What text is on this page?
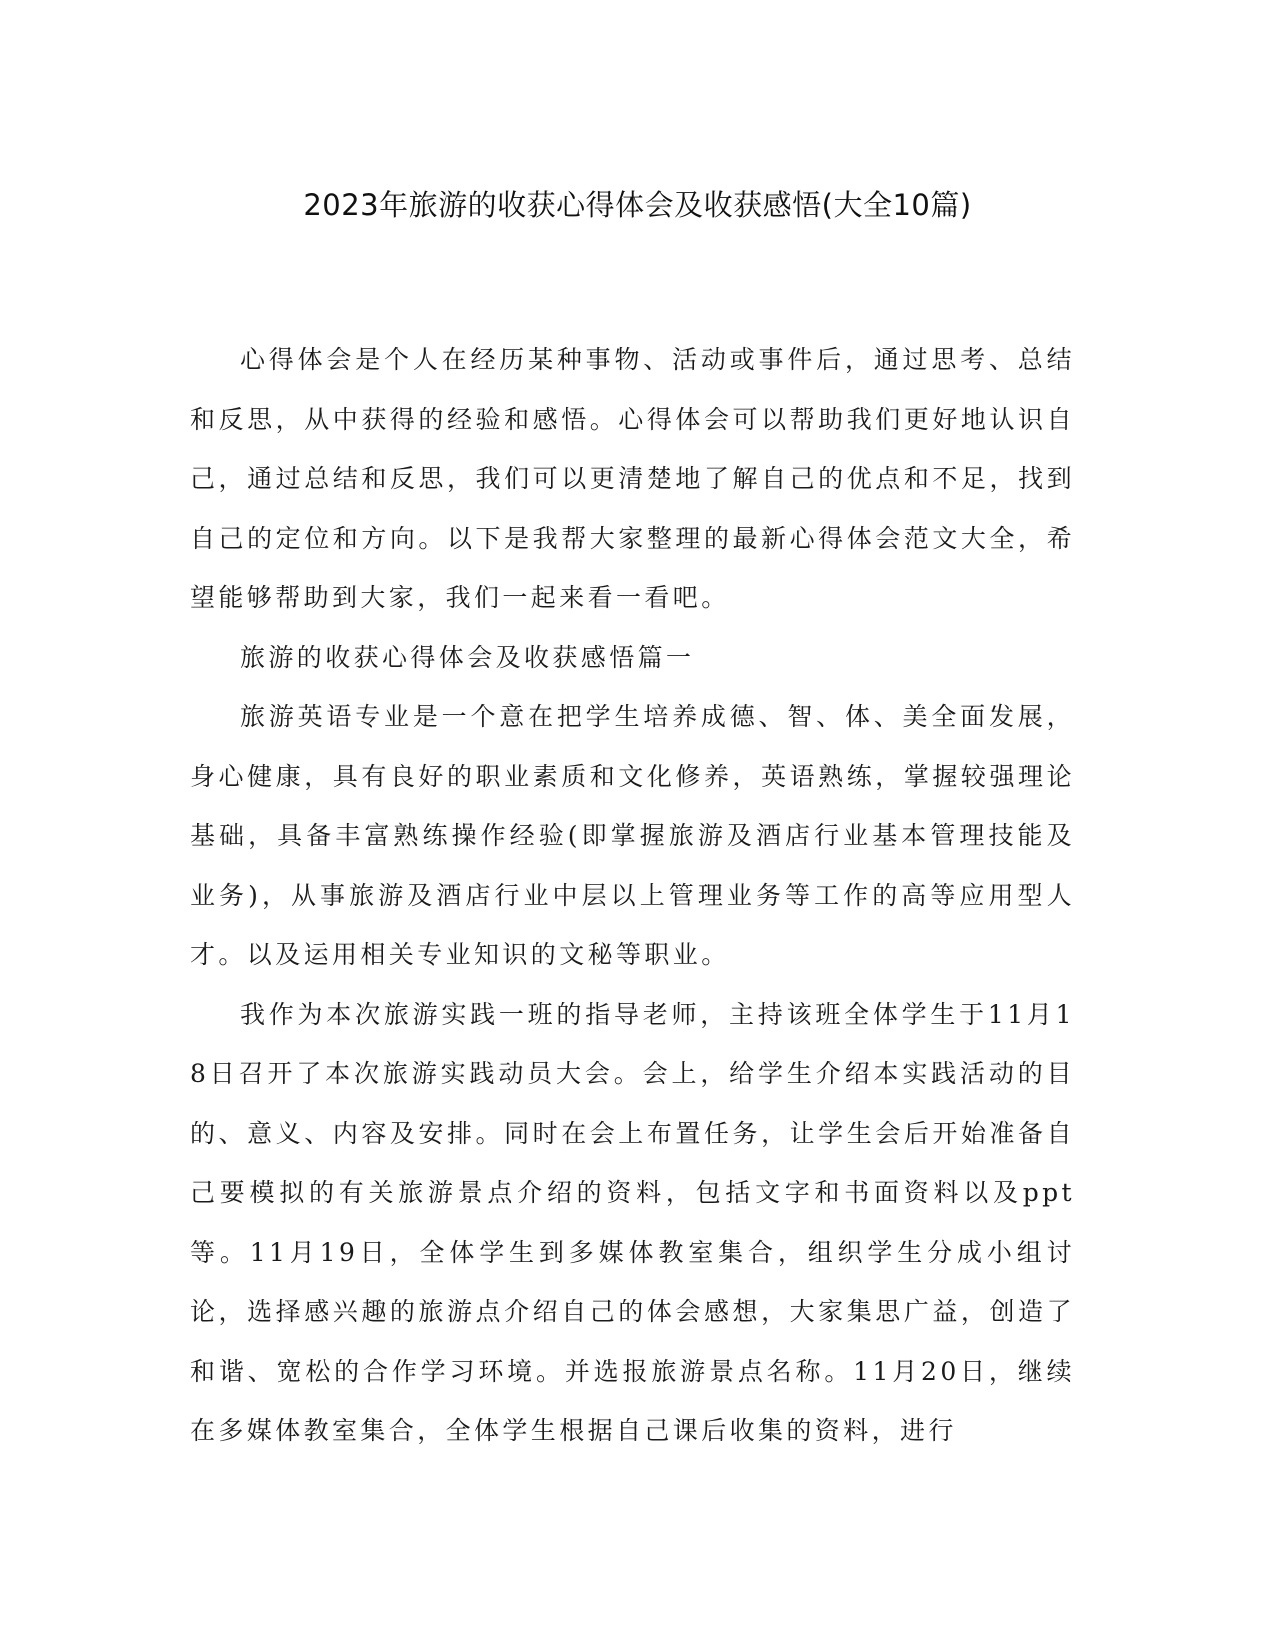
2023年旅游的收获心得体会及收获感悟(大全10篇)

心得体会是个人在经历某种事物、活动或事件后，通过思考、总结和反思，从中获得的经验和感悟。心得体会可以帮助我们更好地认识自己，通过总结和反思，我们可以更清楚地了解自己的优点和不足，找到自己的定位和方向。以下是我帮大家整理的最新心得体会范文大全，希望能够帮助到大家，我们一起来看一看吧。

旅游的收获心得体会及收获感悟篇一

旅游英语专业是一个意在把学生培养成德、智、体、美全面发展，身心健康，具有良好的职业素质和文化修养，英语熟练，掌握较强理论基础，具备丰富熟练操作经验(即掌握旅游及酒店行业基本管理技能及业务)，从事旅游及酒店行业中层以上管理业务等工作的高等应用型人才。以及运用相关专业知识的文秘等职业。

我作为本次旅游实践一班的指导老师，主持该班全体学生于11月18日召开了本次旅游实践动员大会。会上，给学生介绍本实践活动的目的、意义、内容及安排。同时在会上布置任务，让学生会后开始准备自己要模拟的有关旅游景点介绍的资料，包括文字和书面资料以及ppt等。11月19日，全体学生到多媒体教室集合，组织学生分成小组讨论，选择感兴趣的旅游点介绍自己的体会感想，大家集思广益，创造了和谐、宽松的合作学习环境。并选报旅游景点名称。11月20日，继续在多媒体教室集合，全体学生根据自己课后收集的资料，进行
